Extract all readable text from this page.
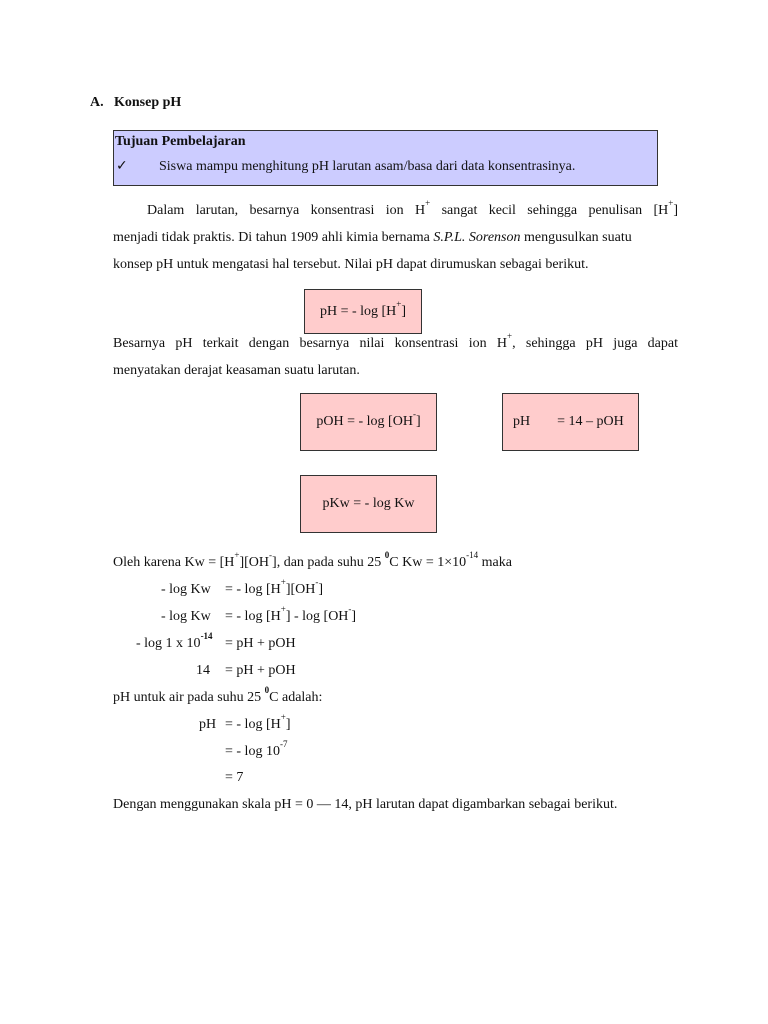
A. Konsep pH
Tujuan Pembelajaran
✓ Siswa mampu menghitung pH larutan asam/basa dari data konsentrasinya.
Dalam larutan, besarnya konsentrasi ion H+ sangat kecil sehingga penulisan [H+]
menjadi tidak praktis. Di tahun 1909 ahli kimia bernama S.P.L. Sorenson mengusulkan suatu
konsep pH untuk mengatasi hal tersebut. Nilai pH dapat dirumuskan sebagai berikut.
pH = - log [H+]
Besarnya pH terkait dengan besarnya nilai konsentrasi ion H+, sehingga pH juga dapat
menyatakan derajat keasaman suatu larutan.
pOH = - log [OH-]	pH = 14 – pOH
pKw = - log Kw
Oleh karena Kw = [H+][OH-], dan pada suhu 25 $^0$C $Kw = 1\times 10^{-14}$ maka
- log Kw = - log [H+][OH-]
- log Kw = - log [H+] - log [OH-]
- log 1 x $10^{-14}$ = pH + pOH
14 = pH + pOH
pH untuk air pada suhu 25 $^0$C adalah:
pH = - log [H+]
= - $\log 10^{-7}$
= 7
Dengan menggunakan skala pH = 0 — 14, pH larutan dapat digambarkan sebagai berikut.
